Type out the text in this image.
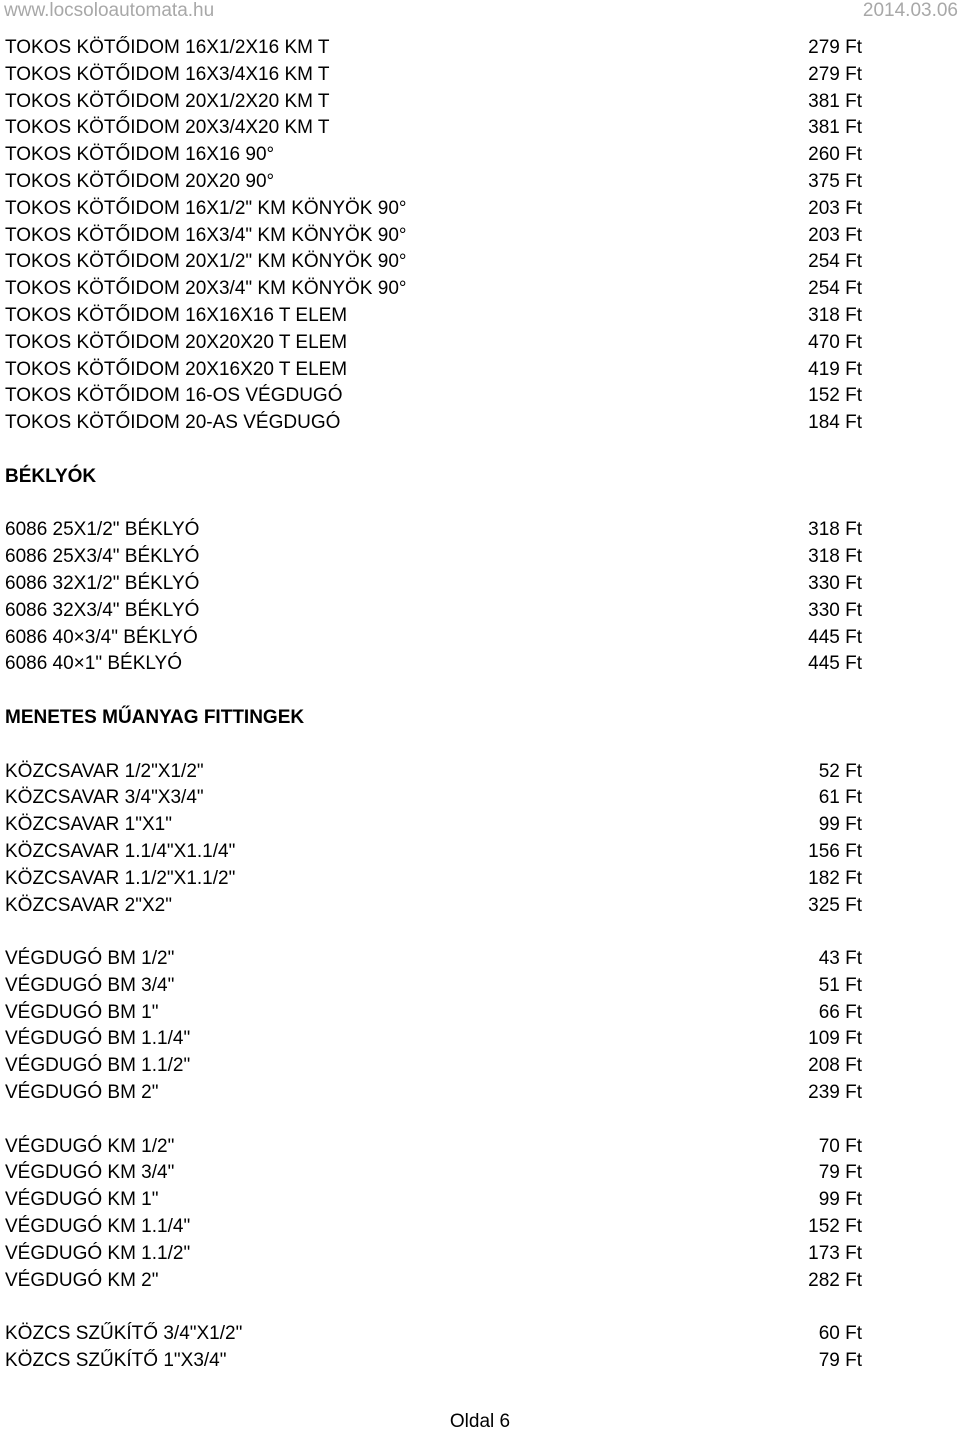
www.locsoloautomata.hu	2014.03.06
TOKOS KÖTŐIDOM 16X1/2X16 KM T	279 Ft
TOKOS KÖTŐIDOM 16X3/4X16 KM T	279 Ft
TOKOS KÖTŐIDOM 20X1/2X20 KM T	381 Ft
TOKOS KÖTŐIDOM 20X3/4X20 KM T	381 Ft
TOKOS KÖTŐIDOM 16X16 90°	260 Ft
TOKOS KÖTŐIDOM 20X20 90°	375 Ft
TOKOS KÖTŐIDOM 16X1/2" KM KÖNYÖK 90°	203 Ft
TOKOS KÖTŐIDOM 16X3/4" KM KÖNYÖK 90°	203 Ft
TOKOS KÖTŐIDOM 20X1/2" KM KÖNYÖK 90°	254 Ft
TOKOS KÖTŐIDOM 20X3/4" KM KÖNYÖK 90°	254 Ft
TOKOS KÖTŐIDOM 16X16X16 T ELEM	318 Ft
TOKOS KÖTŐIDOM 20X20X20 T ELEM	470 Ft
TOKOS KÖTŐIDOM 20X16X20 T ELEM	419 Ft
TOKOS KÖTŐIDOM 16-OS VÉGDUGÓ	152 Ft
TOKOS KÖTŐIDOM 20-AS VÉGDUGÓ	184 Ft
BÉKLYÓK
6086 25X1/2" BÉKLYÓ	318 Ft
6086 25X3/4" BÉKLYÓ	318 Ft
6086 32X1/2" BÉKLYÓ	330 Ft
6086 32X3/4" BÉKLYÓ	330 Ft
6086 40×3/4" BÉKLYÓ	445 Ft
6086 40×1" BÉKLYÓ	445 Ft
MENETES MŰANYAG FITTINGEK
KÖZCSAVAR 1/2"X1/2"	52 Ft
KÖZCSAVAR 3/4"X3/4"	61 Ft
KÖZCSAVAR 1"X1"	99 Ft
KÖZCSAVAR 1.1/4"X1.1/4"	156 Ft
KÖZCSAVAR 1.1/2"X1.1/2"	182 Ft
KÖZCSAVAR 2"X2"	325 Ft
VÉGDUGÓ BM 1/2"	43 Ft
VÉGDUGÓ BM 3/4"	51 Ft
VÉGDUGÓ BM 1"	66 Ft
VÉGDUGÓ BM 1.1/4"	109 Ft
VÉGDUGÓ BM 1.1/2"	208 Ft
VÉGDUGÓ BM 2"	239 Ft
VÉGDUGÓ KM 1/2"	70 Ft
VÉGDUGÓ KM 3/4"	79 Ft
VÉGDUGÓ KM 1"	99 Ft
VÉGDUGÓ KM 1.1/4"	152 Ft
VÉGDUGÓ KM 1.1/2"	173 Ft
VÉGDUGÓ KM 2"	282 Ft
KÖZCS SZŰKÍTŐ 3/4"X1/2"	60 Ft
KÖZCS SZŰKÍTŐ 1"X3/4"	79 Ft
Oldal 6
